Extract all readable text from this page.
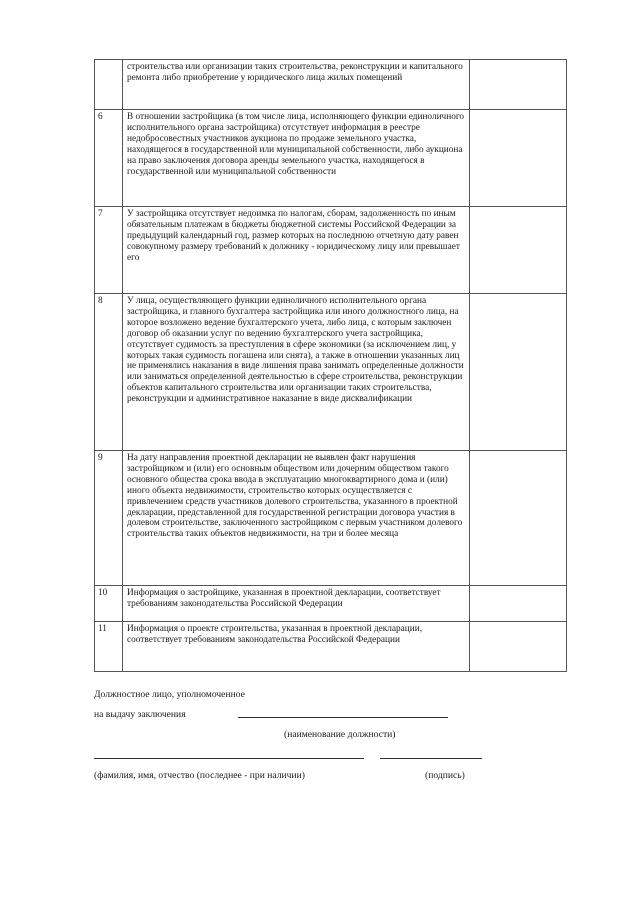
	строительства или организации таких строительства, реконструкции и капитального ремонта либо приобретение у юридического лица жилых помещений	

6	В отношении застройщика (в том числе лица, исполняющего функции единоличного исполнительного органа застройщика) отсутствует информация в реестре недобросовестных участников аукциона по продаже земельного участка, находящегося в государственной или муниципальной собственности, либо аукциона на право заключения договора аренды земельного участка, находящегося в государственной или муниципальной собственности	

7	У застройщика отсутствует недоимка по налогам, сборам, задолженность по иным обязательным платежам в бюджеты бюджетной системы Российской Федерации за предыдущий календарный год, размер которых на последнюю отчетную дату равен совокупному размеру требований к должнику - юридическому лицу или превышает его	

8	У лица, осуществляющего функции единоличного исполнительного органа застройщика, и главного бухгалтера застройщика или иного должностного лица, на которое возложено ведение бухгалтерского учета, либо лица, с которым заключен договор об оказании услуг по ведению бухгалтерского учета застройщика, отсутствует судимость за преступления в сфере экономики (за исключением лиц, у которых такая судимость погашена или снята), а также в отношении указанных лиц не применялись наказания в виде лишения права занимать определенные должности или заниматься определенной деятельностью в сфере строительства, реконструкции объектов капитального строительства или организации таких строительства, реконструкции и административное наказание в виде дисквалификации	

9	На дату направления проектной декларации не выявлен факт нарушения застройщиком и (или) его основным обществом или дочерним обществом такого основного общества срока ввода в эксплуатацию многоквартирного дома и (или) иного объекта недвижимости, строительство которых осуществляется с привлечением средств участников долевого строительства, указанного в проектной декларации, представленной для государственной регистрации договора участия в долевом строительстве, заключенного застройщиком с первым участником долевого строительства таких объектов недвижимости, на три и более месяца	

10	Информация о застройщике, указанная в проектной декларации, соответствует требованиям законодательства Российской Федерации	

11	Информация о проекте строительства, указанная в проектной декларации, соответствует требованиям законодательства Российской Федерации	

Должностное лицо, уполномоченное
на выдачу заключения
(наименование должности)
(фамилия, имя, отчество (последнее - при наличии)	(подпись)
